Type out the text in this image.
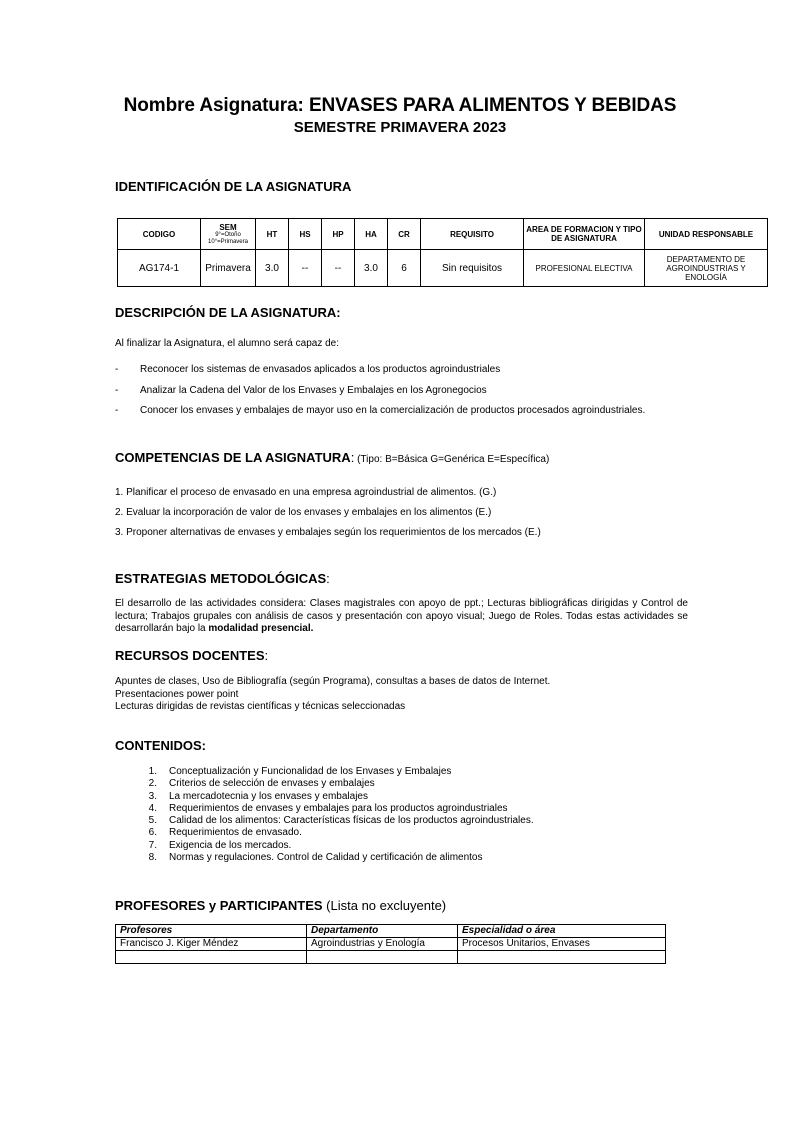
Nombre Asignatura: ENVASES PARA ALIMENTOS Y BEBIDAS
SEMESTRE PRIMAVERA 2023
IDENTIFICACIÓN DE LA ASIGNATURA
CODIGO	SEM
9°=Otoño
10°=Primavera	HT	HS	HP	HA	CR	REQUISITO	AREA DE FORMACION Y TIPO DE ASIGNATURA	UNIDAD RESPONSABLE
AG174-1	Primavera	3.0	--	--	3.0	6	Sin requisitos	PROFESIONAL ELECTIVA	DEPARTAMENTO DE AGROINDUSTRIAS Y ENOLOGÍA
DESCRIPCIÓN DE LA ASIGNATURA:
Al finalizar la Asignatura, el alumno será capaz de:
- Reconocer los sistemas de envasados aplicados a los productos agroindustriales
- Analizar la Cadena del Valor de los Envases y Embalajes en los Agronegocios
- Conocer los envases y embalajes de mayor uso en la comercialización de productos procesados agroindustriales.
COMPETENCIAS DE LA ASIGNATURA: (Tipo: B=Básica G=Genérica E=Específica)
1. Planificar el proceso de envasado en una empresa agroindustrial de alimentos. (G.)
2. Evaluar la incorporación de valor de los envases y embalajes en los alimentos (E.)
3. Proponer alternativas de envases y embalajes según los requerimientos de los mercados (E.)
ESTRATEGIAS METODOLÓGICAS:
El desarrollo de las actividades considera: Clases magistrales con apoyo de ppt.; Lecturas bibliográficas dirigidas y Control de lectura; Trabajos grupales con análisis de casos y presentación con apoyo visual; Juego de Roles. Todas estas actividades se desarrollarán bajo la modalidad presencial.
RECURSOS DOCENTES:
Apuntes de clases, Uso de Bibliografía (según Programa), consultas a bases de datos de Internet.
Presentaciones power point
Lecturas dirigidas de revistas científicas y técnicas seleccionadas
CONTENIDOS:
1. Conceptualización y Funcionalidad de los Envases y Embalajes
2. Criterios de selección de envases y embalajes
3. La mercadotecnia y los envases y embalajes
4. Requerimientos de envases y embalajes para los productos agroindustriales
5. Calidad de los alimentos: Características físicas de los productos agroindustriales.
6. Requerimientos de envasado.
7. Exigencia de los mercados.
8. Normas y regulaciones. Control de Calidad y certificación de alimentos
PROFESORES y PARTICIPANTES (Lista no excluyente)
Profesores	Departamento	Especialidad o área
Francisco J. Kiger Méndez	Agroindustrias y Enología	Procesos Unitarios, Envases
